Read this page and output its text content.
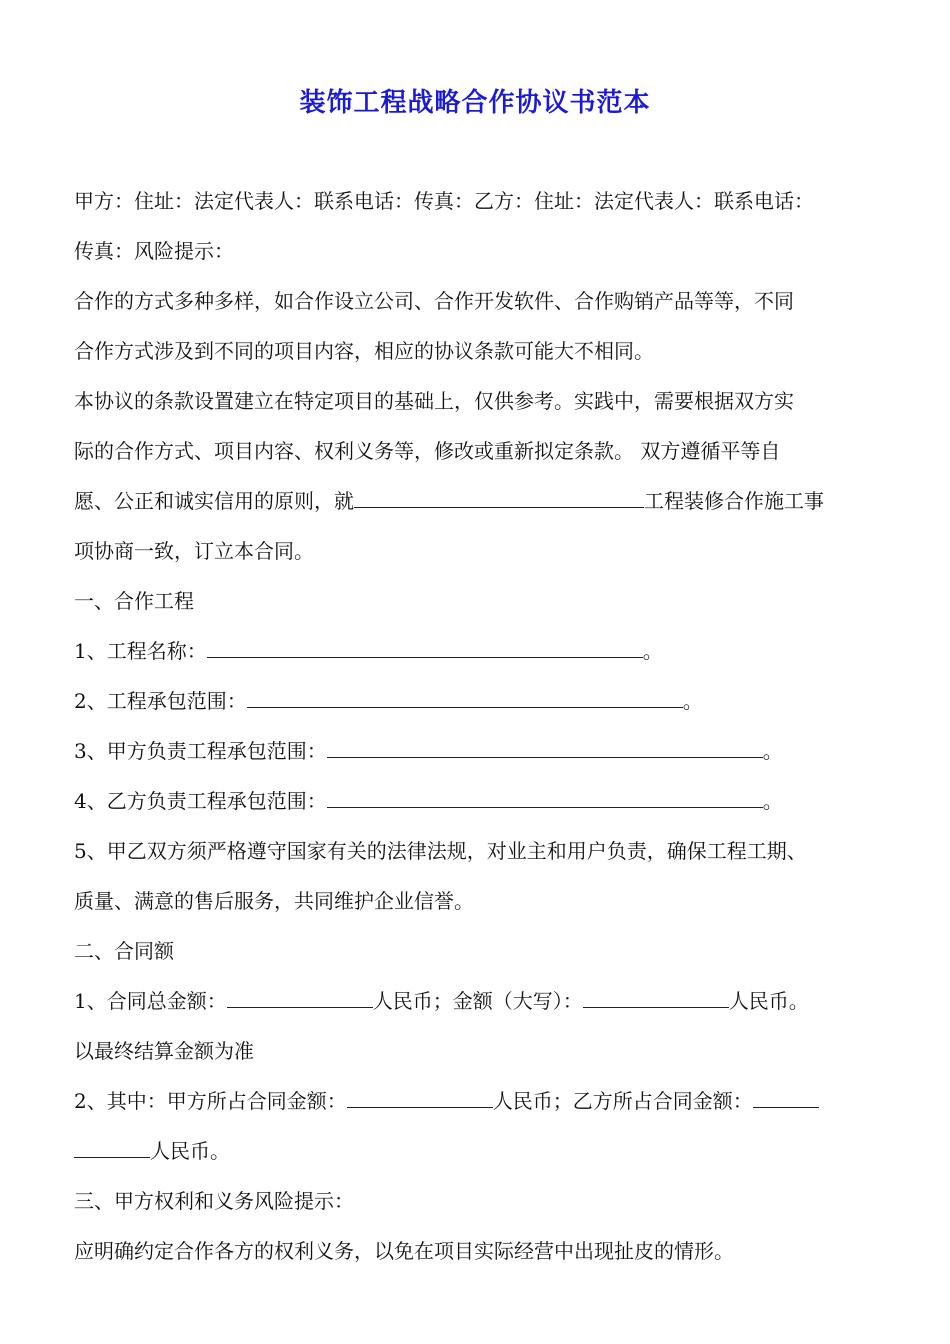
装饰工程战略合作协议书范本
甲方：住址：法定代表人：联系电话：传真：乙方：住址：法定代表人：联系电话：
传真：风险提示：
合作的方式多种多样，如合作设立公司、合作开发软件、合作购销产品等等，不同
合作方式涉及到不同的项目内容，相应的协议条款可能大不相同。
本协议的条款设置建立在特定项目的基础上，仅供参考。实践中，需要根据双方实
际的合作方式、项目内容、权利义务等，修改或重新拟定条款。 双方遵循平等自
愿、公正和诚实信用的原则，就	工程装修合作施工事
项协商一致，订立本合同。
一、合作工程
1、工程名称：	。
2、工程承包范围：	。
3、甲方负责工程承包范围：	。
4、乙方负责工程承包范围：	。
5、甲乙双方须严格遵守国家有关的法律法规，对业主和用户负责，确保工程工期、
质量、满意的售后服务，共同维护企业信誉。
二、合同额
1、合同总金额：	人民币；金额（大写）：	人民币。
以最终结算金额为准
2、其中：甲方所占合同金额：	人民币；乙方所占合同金额：
人民币。
三、甲方权利和义务风险提示：
应明确约定合作各方的权利义务，以免在项目实际经营中出现扯皮的情形。
